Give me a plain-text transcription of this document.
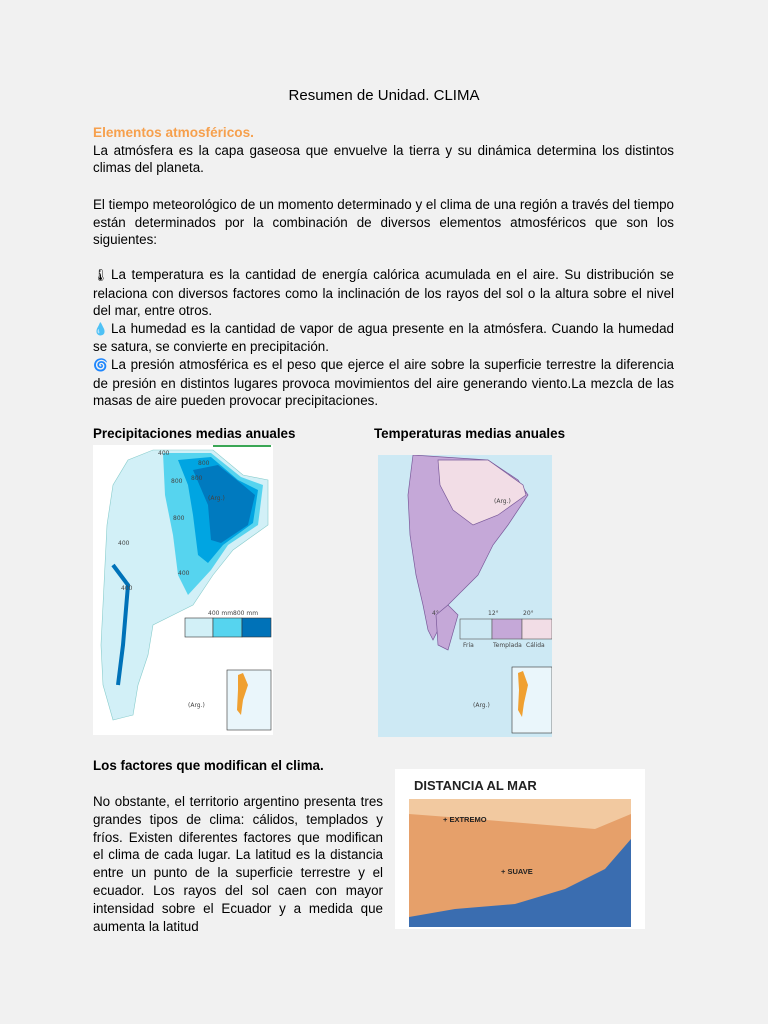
Resumen de Unidad. CLIMA
Elementos atmosféricos.
La atmósfera es la capa gaseosa que envuelve la tierra y su dinámica determina los distintos climas del planeta.
El tiempo meteorológico de un momento determinado y el clima de una región a través del tiempo están determinados por la combinación de diversos elementos atmosféricos que son los siguientes:
🌡 La temperatura es la cantidad de energía calórica acumulada en el aire. Su distribución se relaciona con diversos factores como la inclinación de los rayos del sol o la altura sobre el nivel del mar, entre otros.
💧 La humedad es la cantidad de vapor de agua presente en la atmósfera. Cuando la humedad se satura, se convierte en precipitación.
🌀 La presión atmosférica es el peso que ejerce el aire sobre la superficie terrestre la diferencia de presión en distintos lugares provoca movimientos del aire generando viento.La mezcla de las masas de aire pueden provocar precipitaciones.
Precipitaciones medias anuales	Temperaturas medias anuales
400
800
800
800
400
400
800
400
(Arg.)
400 mm 800 mm
(Arg.)
(Arg.)
4°	12°	20°
Fría	Templada Cálida
(Arg.)
Los factores que modifican el clima.
No obstante, el territorio argentino presenta tres grandes tipos de clima: cálidos, templados y fríos. Existen diferentes factores que modifican el clima de cada lugar. La latitud es la distancia entre un punto de la superficie terrestre y el ecuador. Los rayos del sol caen con mayor intensidad sobre el Ecuador y a medida que aumenta la latitud
DISTANCIA AL MAR
+ EXTREMO
+ SUAVE
